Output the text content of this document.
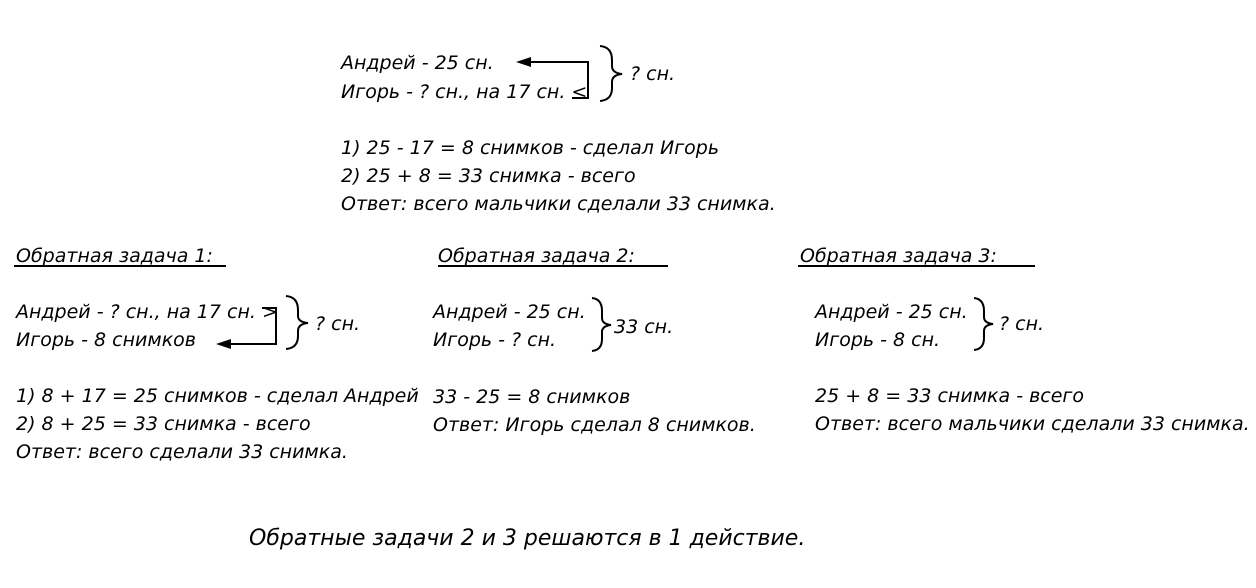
Андрей - 25 сн.

Игорь - ? сн., на 17 сн. <

? сн.

1) 25 - 17 = 8 снимков - сделал Игорь

2) 25 + 8 = 33 снимка - всего

Ответ: всего мальчики сделали 33 снимка.

Обратная задача 1:

Андрей - ? сн., на 17 сн. >

Игорь - 8 снимков

? сн.

1) 8 + 17 = 25 снимков - сделал Андрей

2) 8 + 25 = 33 снимка - всего

Ответ: всего сделали 33 снимка.

Обратная задача 2:

Андрей - 25 сн.

Игорь - ? сн.

33 сн.

33 - 25 = 8 снимков

Ответ: Игорь сделал 8 снимков.

Обратная задача 3:

Андрей - 25 сн.

Игорь - 8 сн.

? сн.

25 + 8 = 33 снимка - всего

Ответ: всего мальчики сделали 33 снимка.

Обратные задачи 2 и 3 решаются в 1 действие.
